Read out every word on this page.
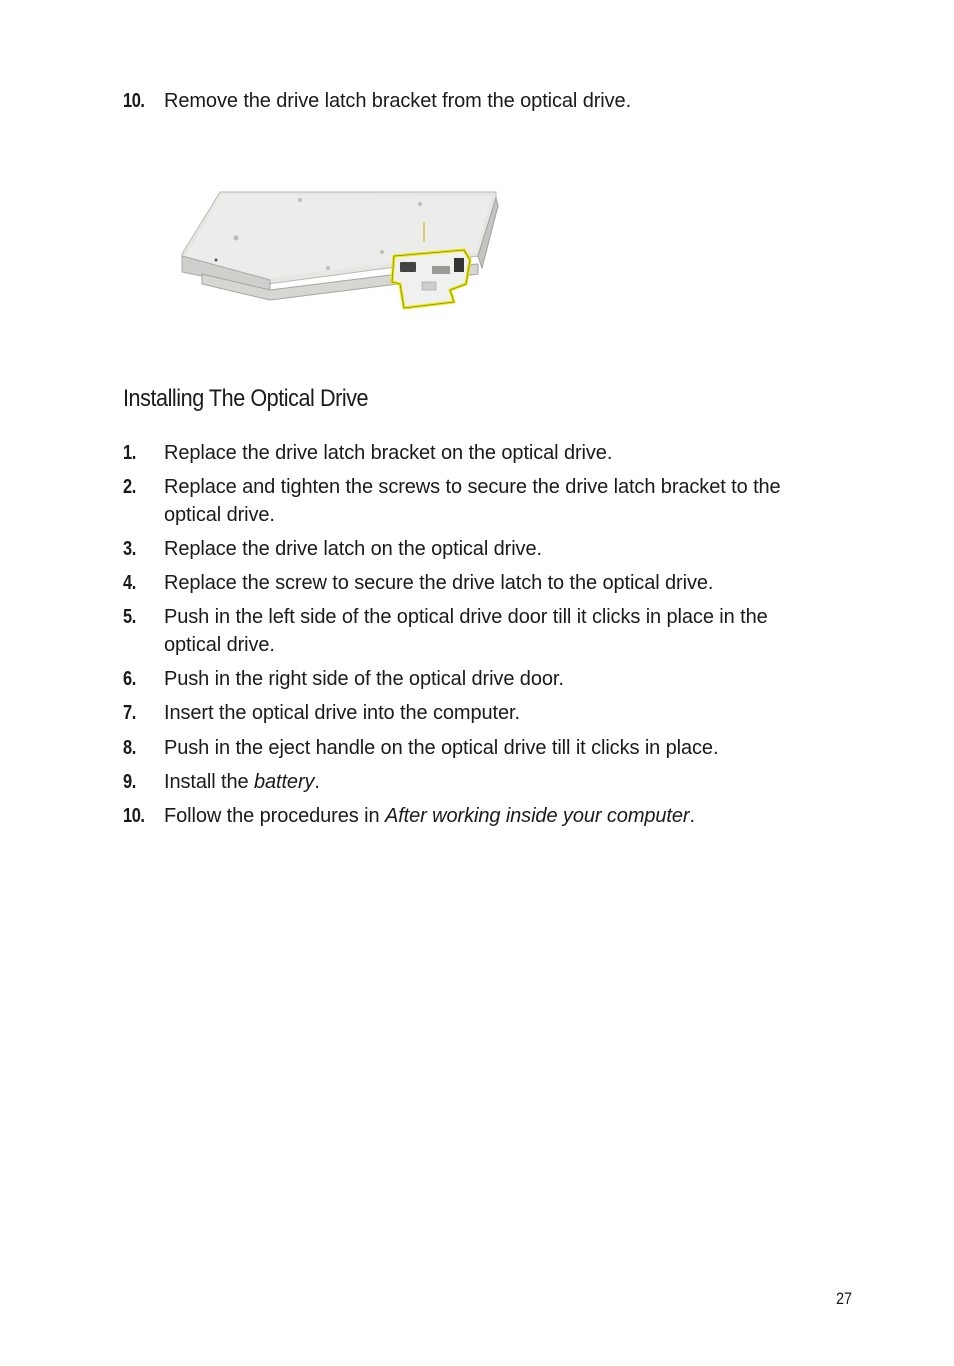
10. Remove the drive latch bracket from the optical drive.
Installing The Optical Drive
1. Replace the drive latch bracket on the optical drive.
2. Replace and tighten the screws to secure the drive latch bracket to the optical drive.
3. Replace the drive latch on the optical drive.
4. Replace the screw to secure the drive latch to the optical drive.
5. Push in the left side of the optical drive door till it clicks in place in the optical drive.
6. Push in the right side of the optical drive door.
7. Insert the optical drive into the computer.
8. Push in the eject handle on the optical drive till it clicks in place.
9. Install the battery.
10. Follow the procedures in After working inside your computer.
27
